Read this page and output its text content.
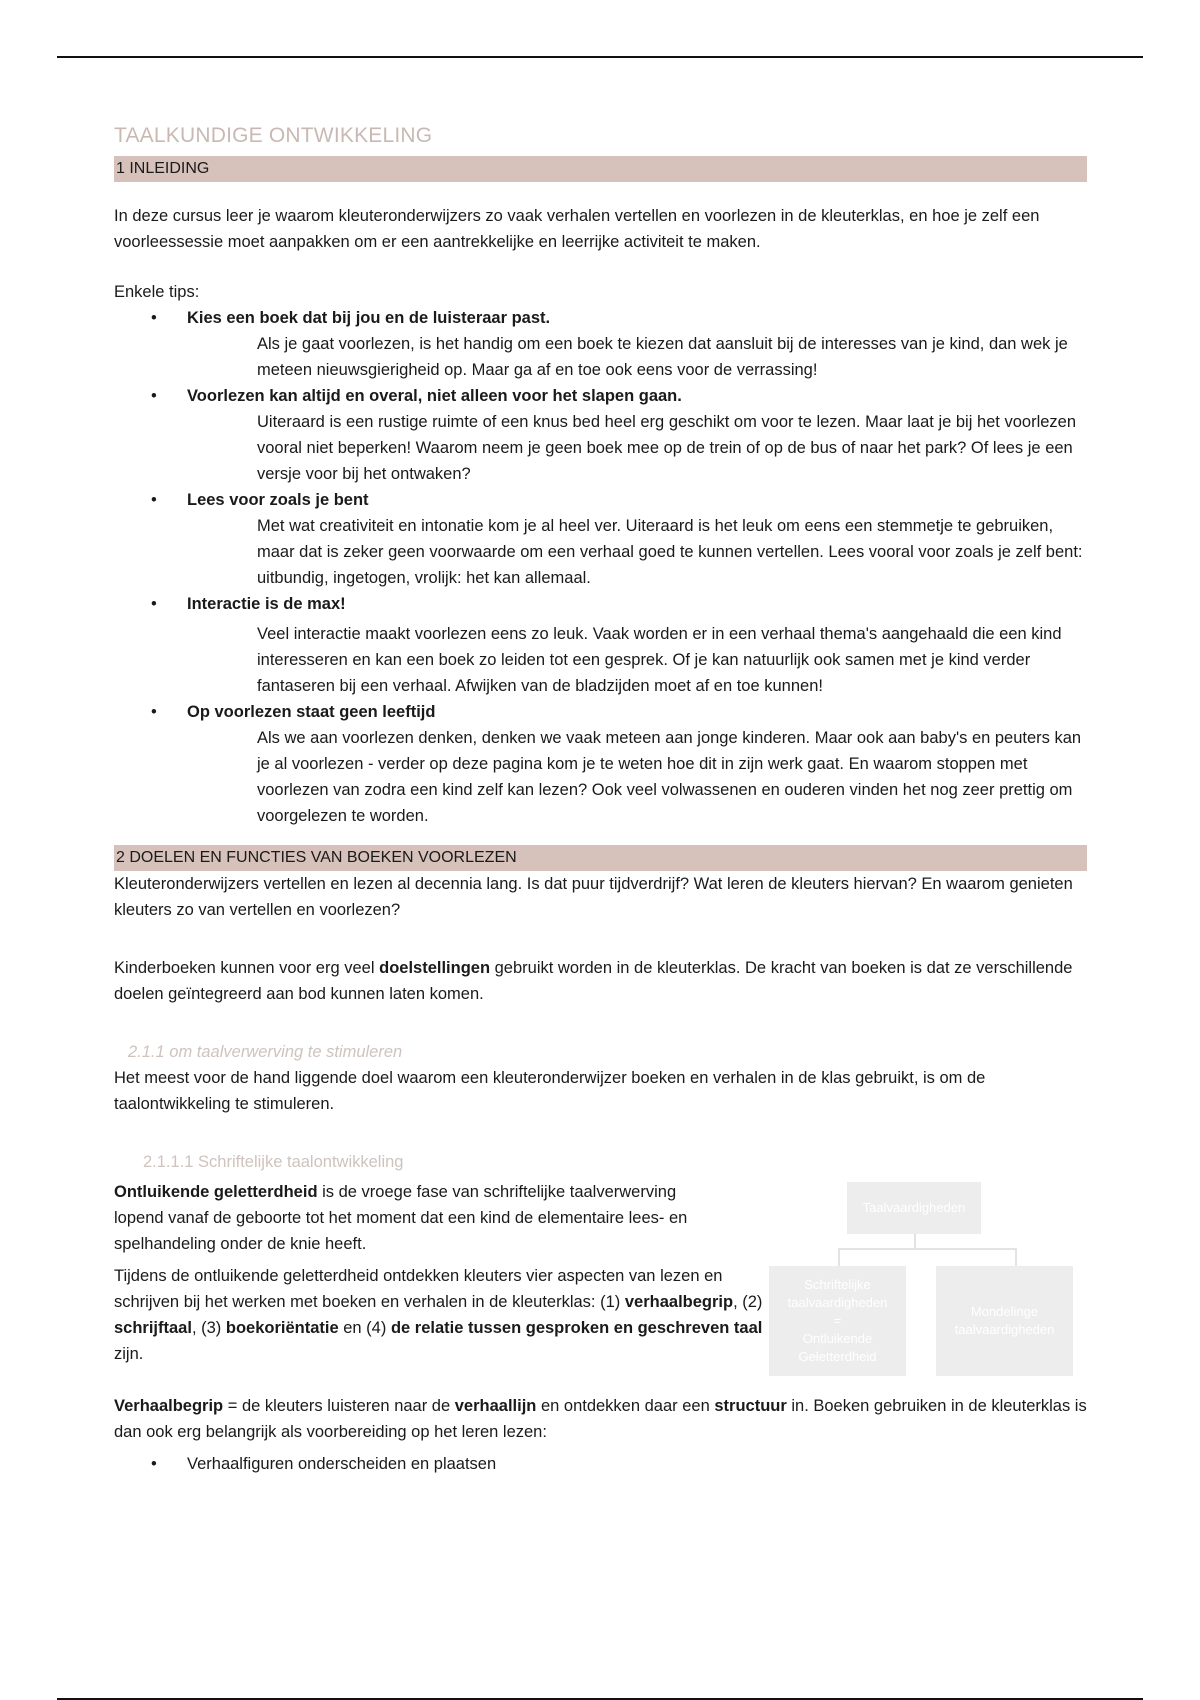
TAALKUNDIGE ONTWIKKELING
1 INLEIDING

In deze cursus leer je waarom kleuteronderwijzers zo vaak verhalen vertellen en voorlezen in de kleuterklas, en hoe je zelf een voorleessessie moet aanpakken om er een aantrekkelijke en leerrijke activiteit te maken.

Enkele tips:

• Kies een boek dat bij jou en de luisteraar past.
Als je gaat voorlezen, is het handig om een boek te kiezen dat aansluit bij de interesses van je kind, dan wek je meteen nieuwsgierigheid op. Maar ga af en toe ook eens voor de verrassing!
• Voorlezen kan altijd en overal, niet alleen voor het slapen gaan.
Uiteraard is een rustige ruimte of een knus bed heel erg geschikt om voor te lezen. Maar laat je bij het voorlezen vooral niet beperken! Waarom neem je geen boek mee op de trein of op de bus of naar het park? Of lees je een versje voor bij het ontwaken?
• Lees voor zoals je bent
Met wat creativiteit en intonatie kom je al heel ver. Uiteraard is het leuk om eens een stemmetje te gebruiken, maar dat is zeker geen voorwaarde om een verhaal goed te kunnen vertellen. Lees vooral voor zoals je zelf bent: uitbundig, ingetogen, vrolijk: het kan allemaal.
• Interactie is de max!
Veel interactie maakt voorlezen eens zo leuk. Vaak worden er in een verhaal thema's aangehaald die een kind interesseren en kan een boek zo leiden tot een gesprek. Of je kan natuurlijk ook samen met je kind verder fantaseren bij een verhaal. Afwijken van de bladzijden moet af en toe kunnen!
• Op voorlezen staat geen leeftijd
Als we aan voorlezen denken, denken we vaak meteen aan jonge kinderen. Maar ook aan baby's en peuters kan je al voorlezen - verder op deze pagina kom je te weten hoe dit in zijn werk gaat. En waarom stoppen met voorlezen van zodra een kind zelf kan lezen? Ook veel volwassenen en ouderen vinden het nog zeer prettig om voorgelezen te worden.
2 DOELEN EN FUNCTIES VAN BOEKEN VOORLEZEN

Kleuteronderwijzers vertellen en lezen al decennia lang. Is dat puur tijdverdrijf? Wat leren de kleuters hiervan? En waarom genieten kleuters zo van vertellen en voorlezen?

Kinderboeken kunnen voor erg veel doelstellingen gebruikt worden in de kleuterklas. De kracht van boeken is dat ze verschillende doelen geïntegreerd aan bod kunnen laten komen.

2.1.1 om taalverwerving te stimuleren

Het meest voor de hand liggende doel waarom een kleuteronderwijzer boeken en verhalen in de klas gebruikt, is om de taalontwikkeling te stimuleren.

2.1.1.1 Schriftelijke taalontwikkeling

Ontluikende geletterdheid is de vroege fase van schriftelijke taalverwerving lopend vanaf de geboorte tot het moment dat een kind de elementaire lees- en spelhandeling onder de knie heeft.

Tijdens de ontluikende geletterdheid ontdekken kleuters vier aspecten van lezen en schrijven bij het werken met boeken en verhalen in de kleuterklas: (1) verhaalbegrip, (2) schrijftaal, (3) boekoriëntatie en (4) de relatie tussen gesproken en geschreven taal zijn.

Verhaalbegrip = de kleuters luisteren naar de verhaallijn en ontdekken daar een structuur in. Boeken gebruiken in de kleuterklas is dan ook erg belangrijk als voorbereiding op het leren lezen:

• Verhaalfiguren onderscheiden en plaatsen
Taalvaardigheden
Schriftelijke taalvaardigheden
=
Ontluikende Geletterdheid
Mondelinge taalvaardigheden
